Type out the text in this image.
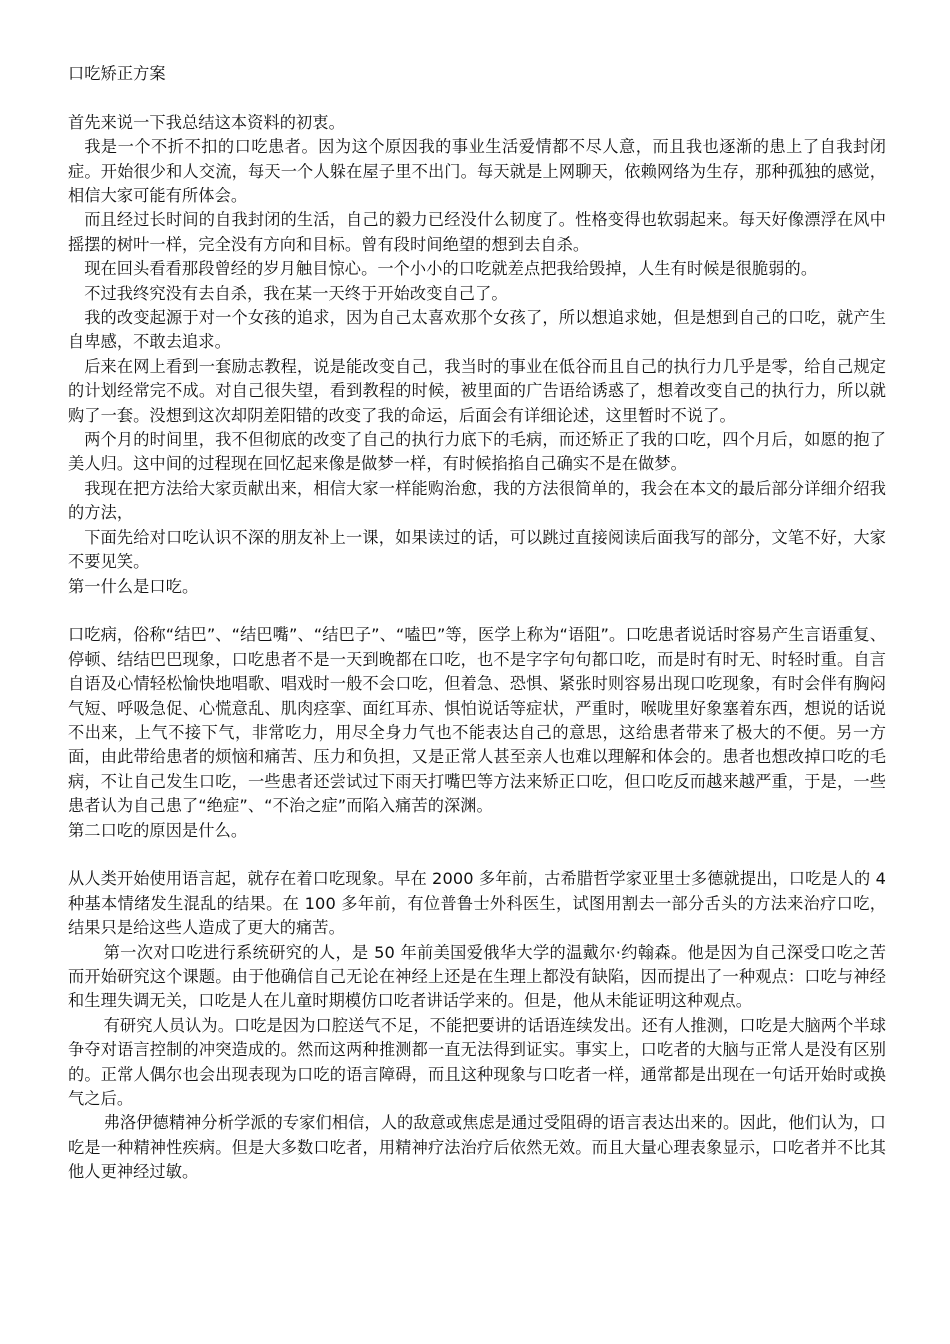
口吃矫正方案

首先来说一下我总结这本资料的初衷。

我是一个不折不扣的口吃患者。因为这个原因我的事业生活爱情都不尽人意，而且我也逐渐的患上了自我封闭症。开始很少和人交流，每天一个人躲在屋子里不出门。每天就是上网聊天，依赖网络为生存，那种孤独的感觉，相信大家可能有所体会。

而且经过长时间的自我封闭的生活，自己的毅力已经没什么韧度了。性格变得也软弱起来。每天好像漂浮在风中摇摆的树叶一样，完全没有方向和目标。曾有段时间绝望的想到去自杀。

现在回头看看那段曾经的岁月触目惊心。一个小小的口吃就差点把我给毁掉，人生有时候是很脆弱的。

不过我终究没有去自杀，我在某一天终于开始改变自己了。

我的改变起源于对一个女孩的追求，因为自己太喜欢那个女孩了，所以想追求她，但是想到自己的口吃，就产生自卑感，不敢去追求。

后来在网上看到一套励志教程，说是能改变自己，我当时的事业在低谷而且自己的执行力几乎是零，给自己规定的计划经常完不成。对自己很失望，看到教程的时候，被里面的广告语给诱惑了，想着改变自己的执行力，所以就购了一套。没想到这次却阴差阳错的改变了我的命运，后面会有详细论述，这里暂时不说了。

两个月的时间里，我不但彻底的改变了自己的执行力底下的毛病，而还矫正了我的口吃，四个月后，如愿的抱了美人归。这中间的过程现在回忆起来像是做梦一样，有时候掐掐自己确实不是在做梦。

我现在把方法给大家贡献出来，相信大家一样能购治愈，我的方法很简单的，我会在本文的最后部分详细介绍我的方法，

下面先给对口吃认识不深的朋友补上一课，如果读过的话，可以跳过直接阅读后面我写的部分，文笔不好，大家不要见笑。

第一什么是口吃。

口吃病，俗称“结巴”、“结巴嘴”、“结巴子”、“嗑巴”等，医学上称为“语阻”。口吃患者说话时容易产生言语重复、停顿、结结巴巴现象，口吃患者不是一天到晚都在口吃，也不是字字句句都口吃，而是时有时无、时轻时重。自言自语及心情轻松愉快地唱歌、唱戏时一般不会口吃，但着急、恐惧、紧张时则容易出现口吃现象，有时会伴有胸闷气短、呼吸急促、心慌意乱、肌肉痉挛、面红耳赤、惧怕说话等症状，严重时，喉咙里好象塞着东西，想说的话说不出来，上气不接下气，非常吃力，用尽全身力气也不能表达自己的意思，这给患者带来了极大的不便。另一方面，由此带给患者的烦恼和痛苦、压力和负担，又是正常人甚至亲人也难以理解和体会的。患者也想改掉口吃的毛病，不让自己发生口吃，一些患者还尝试过下雨天打嘴巴等方法来矫正口吃，但口吃反而越来越严重，于是，一些患者认为自己患了“绝症”、“不治之症”而陷入痛苦的深渊。

第二口吃的原因是什么。

从人类开始使用语言起，就存在着口吃现象。早在 2000 多年前，古希腊哲学家亚里士多德就提出，口吃是人的 4 种基本情绪发生混乱的结果。在 100 多年前，有位普鲁士外科医生，试图用割去一部分舌头的方法来治疗口吃，结果只是给这些人造成了更大的痛苦。

第一次对口吃进行系统研究的人，是 50 年前美国爱俄华大学的温戴尔·约翰森。他是因为自己深受口吃之苦而开始研究这个课题。由于他确信自己无论在神经上还是在生理上都没有缺陷，因而提出了一种观点：口吃与神经和生理失调无关，口吃是人在儿童时期模仿口吃者讲话学来的。但是，他从未能证明这种观点。

有研究人员认为。口吃是因为口腔送气不足，不能把要讲的话语连续发出。还有人推测，口吃是大脑两个半球争夺对语言控制的冲突造成的。然而这两种推测都一直无法得到证实。事实上，口吃者的大脑与正常人是没有区别的。正常人偶尔也会出现表现为口吃的语言障碍，而且这种现象与口吃者一样，通常都是出现在一句话开始时或换气之后。

弗洛伊德精神分析学派的专家们相信，人的敌意或焦虑是通过受阻碍的语言表达出来的。因此，他们认为，口吃是一种精神性疾病。但是大多数口吃者，用精神疗法治疗后依然无效。而且大量心理表象显示，口吃者并不比其他人更神经过敏。
